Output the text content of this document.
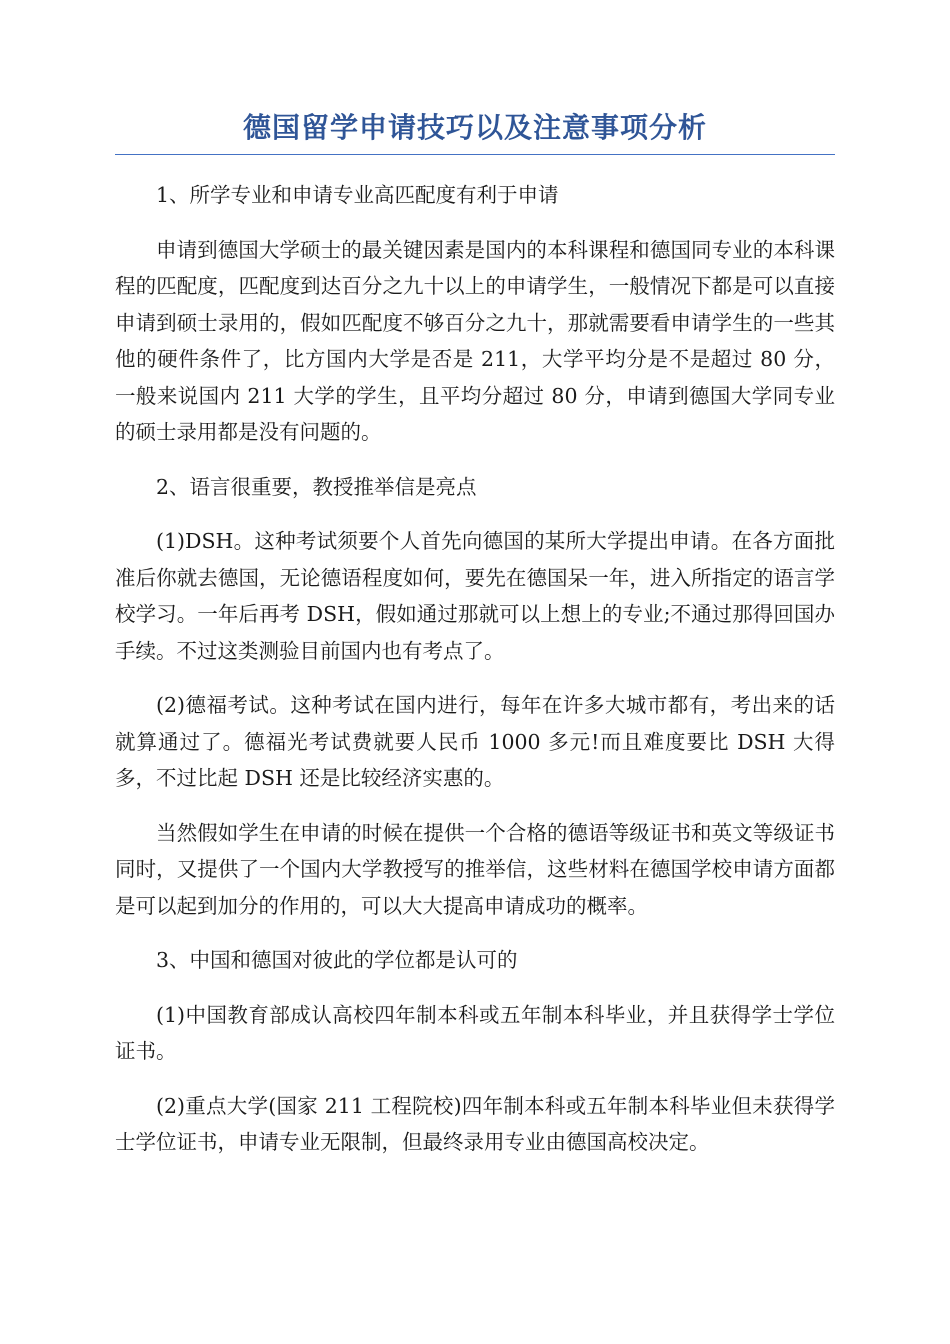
德国留学申请技巧以及注意事项分析

1、所学专业和申请专业高匹配度有利于申请

申请到德国大学硕士的最关键因素是国内的本科课程和德国同专业的本科课程的匹配度，匹配度到达百分之九十以上的申请学生，一般情况下都是可以直接申请到硕士录用的，假如匹配度不够百分之九十，那就需要看申请学生的一些其他的硬件条件了，比方国内大学是否是 211，大学平均分是不是超过 80 分，一般来说国内 211 大学的学生，且平均分超过 80 分，申请到德国大学同专业的硕士录用都是没有问题的。

2、语言很重要，教授推举信是亮点

(1)DSH。这种考试须要个人首先向德国的某所大学提出申请。在各方面批准后你就去德国，无论德语程度如何，要先在德国呆一年，进入所指定的语言学校学习。一年后再考 DSH，假如通过那就可以上想上的专业;不通过那得回国办手续。不过这类测验目前国内也有考点了。

(2)德福考试。这种考试在国内进行，每年在许多大城市都有，考出来的话就算通过了。德福光考试费就要人民币 1000 多元!而且难度要比 DSH 大得多，不过比起 DSH 还是比较经济实惠的。

当然假如学生在申请的时候在提供一个合格的德语等级证书和英文等级证书同时，又提供了一个国内大学教授写的推举信，这些材料在德国学校申请方面都是可以起到加分的作用的，可以大大提高申请成功的概率。

3、中国和德国对彼此的学位都是认可的

(1)中国教育部成认高校四年制本科或五年制本科毕业，并且获得学士学位证书。

(2)重点大学(国家 211 工程院校)四年制本科或五年制本科毕业但未获得学士学位证书，申请专业无限制，但最终录用专业由德国高校决定。
